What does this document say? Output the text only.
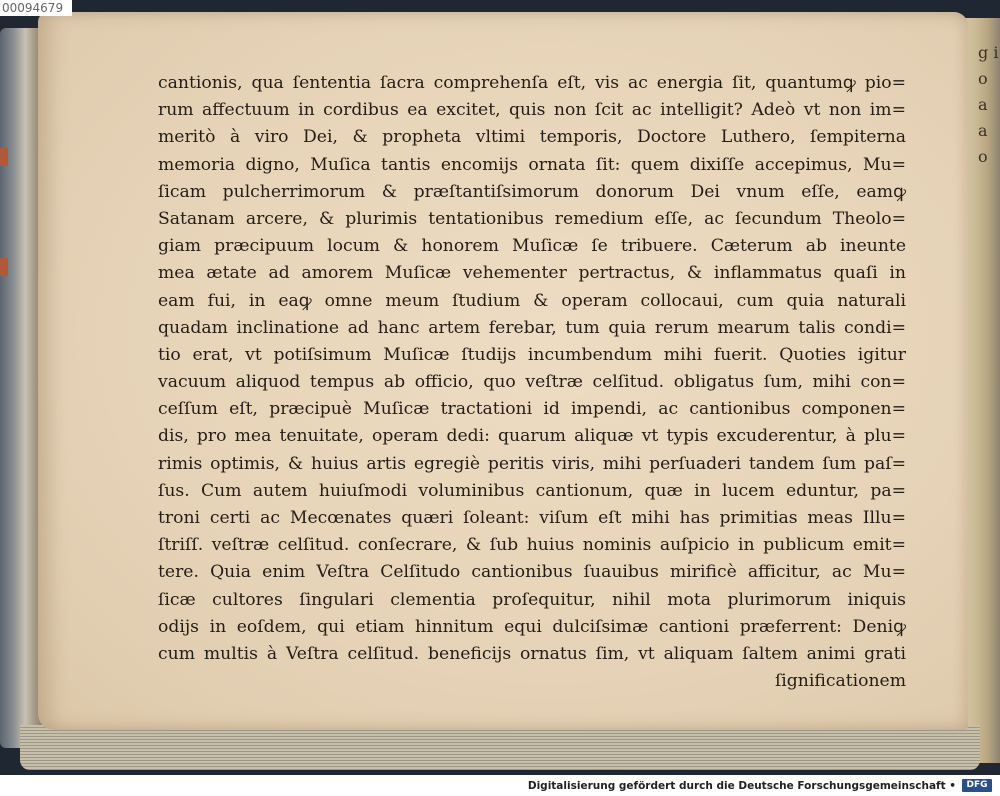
g i o a a o
cantionis, qua ſententia ſacra comprehenſa eſt, vis ac energia ſit, quantumꝙ pio=
rum affectuum in cordibus ea excitet, quis non ſcit ac intelligit? Adeò vt non im=
meritò à viro Dei, & propheta vltimi temporis, Doctore Luthero, ſempiterna
memoria digno, Muſica tantis encomijs ornata ſit: quem dixiſſe accepimus, Mu=
ſicam pulcherrimorum & præſtantiſsimorum donorum Dei vnum eſſe, eamꝙ
Satanam arcere, & plurimis tentationibus remedium eſſe, ac ſecundum Theolo=
giam præcipuum locum & honorem Muſicæ ſe tribuere. Cæterum ab ineunte
mea ætate ad amorem Muſicæ vehementer pertractus, & inflammatus quaſi in
eam fui, in eaꝙ omne meum ſtudium & operam collocaui, cum quia naturali
quadam inclinatione ad hanc artem ferebar, tum quia rerum mearum talis condi=
tio erat, vt potiſsimum Muſicæ ſtudijs incumbendum mihi fuerit. Quoties igitur
vacuum aliquod tempus ab officio, quo veſtræ celſitud. obligatus ſum, mihi con=
ceſſum eſt, præcipuè Muſicæ tractationi id impendi, ac cantionibus componen=
dis, pro mea tenuitate, operam dedi: quarum aliquæ vt typis excuderentur, à plu=
rimis optimis, & huius artis egregiè peritis viris, mihi perſuaderi tandem ſum paſ=
ſus. Cum autem huiuſmodi voluminibus cantionum, quæ in lucem eduntur, pa=
troni certi ac Mecœnates quæri ſoleant: viſum eſt mihi has primitias meas Illu=
ſtriſſ. veſtræ celſitud. conſecrare, & ſub huius nominis auſpicio in publicum emit=
tere. Quia enim Veſtra Celſitudo cantionibus ſuauibus mirificè afficitur, ac Mu=
ſicæ cultores ſingulari clementia proſequitur, nihil mota plurimorum iniquis
odijs in eoſdem, qui etiam hinnitum equi dulciſsimæ cantioni præferrent: Deniꝙ
cum multis à Veſtra celſitud. beneficijs ornatus ſim, vt aliquam ſaltem animi grati
ſignificationem
00094679
Digitalisierung gefördert durch die Deutsche Forschungsgemeinschaft •	DFG
